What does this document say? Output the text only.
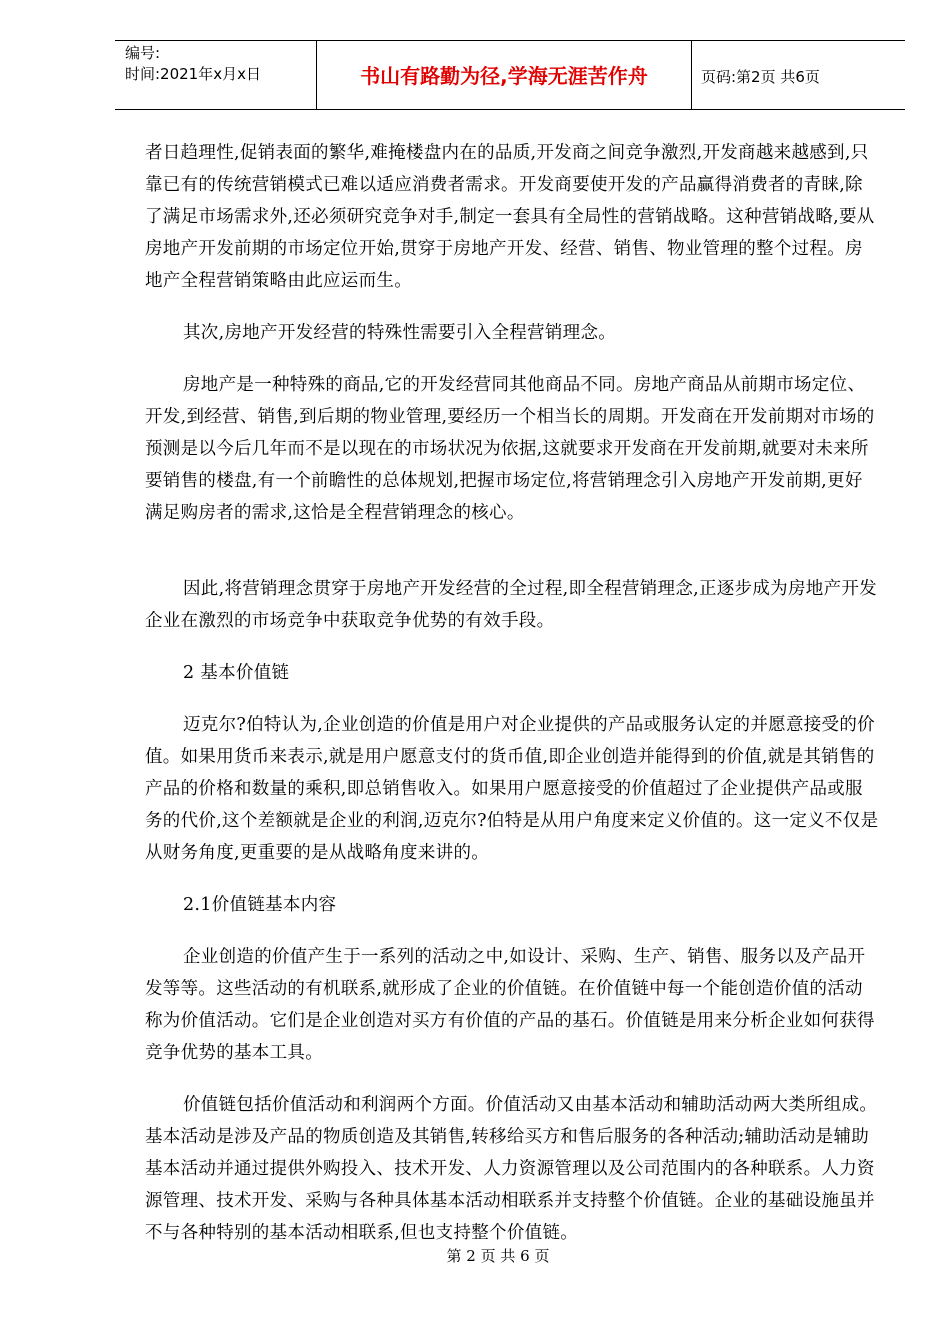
编号:
时间:2021年x月x日	书山有路勤为径,学海无涯苦作舟	页码:第2页 共6页

者日趋理性,促销表面的繁华,难掩楼盘内在的品质,开发商之间竞争激烈,开发商越来越感到,只靠已有的传统营销模式已难以适应消费者需求。开发商要使开发的产品赢得消费者的青睐,除了满足市场需求外,还必须研究竞争对手,制定一套具有全局性的营销战略。这种营销战略,要从房地产开发前期的市场定位开始,贯穿于房地产开发、经营、销售、物业管理的整个过程。房地产全程营销策略由此应运而生。

其次,房地产开发经营的特殊性需要引入全程营销理念。

房地产是一种特殊的商品,它的开发经营同其他商品不同。房地产商品从前期市场定位、开发,到经营、销售,到后期的物业管理,要经历一个相当长的周期。开发商在开发前期对市场的预测是以今后几年而不是以现在的市场状况为依据,这就要求开发商在开发前期,就要对未来所要销售的楼盘,有一个前瞻性的总体规划,把握市场定位,将营销理念引入房地产开发前期,更好满足购房者的需求,这恰是全程营销理念的核心。

因此,将营销理念贯穿于房地产开发经营的全过程,即全程营销理念,正逐步成为房地产开发企业在激烈的市场竞争中获取竞争优势的有效手段。

2 基本价值链

迈克尔?伯特认为,企业创造的价值是用户对企业提供的产品或服务认定的并愿意接受的价值。如果用货币来表示,就是用户愿意支付的货币值,即企业创造并能得到的价值,就是其销售的产品的价格和数量的乘积,即总销售收入。如果用户愿意接受的价值超过了企业提供产品或服务的代价,这个差额就是企业的利润,迈克尔?伯特是从用户角度来定义价值的。这一定义不仅是从财务角度,更重要的是从战略角度来讲的。

2.1价值链基本内容

企业创造的价值产生于一系列的活动之中,如设计、采购、生产、销售、服务以及产品开发等等。这些活动的有机联系,就形成了企业的价值链。在价值链中每一个能创造价值的活动称为价值活动。它们是企业创造对买方有价值的产品的基石。价值链是用来分析企业如何获得竞争优势的基本工具。

价值链包括价值活动和利润两个方面。价值活动又由基本活动和辅助活动两大类所组成。基本活动是涉及产品的物质创造及其销售,转移给买方和售后服务的各种活动;辅助活动是辅助基本活动并通过提供外购投入、技术开发、人力资源管理以及公司范围内的各种联系。人力资源管理、技术开发、采购与各种具体基本活动相联系并支持整个价值链。企业的基础设施虽并不与各种特别的基本活动相联系,但也支持整个价值链。

第 2 页 共 6 页
